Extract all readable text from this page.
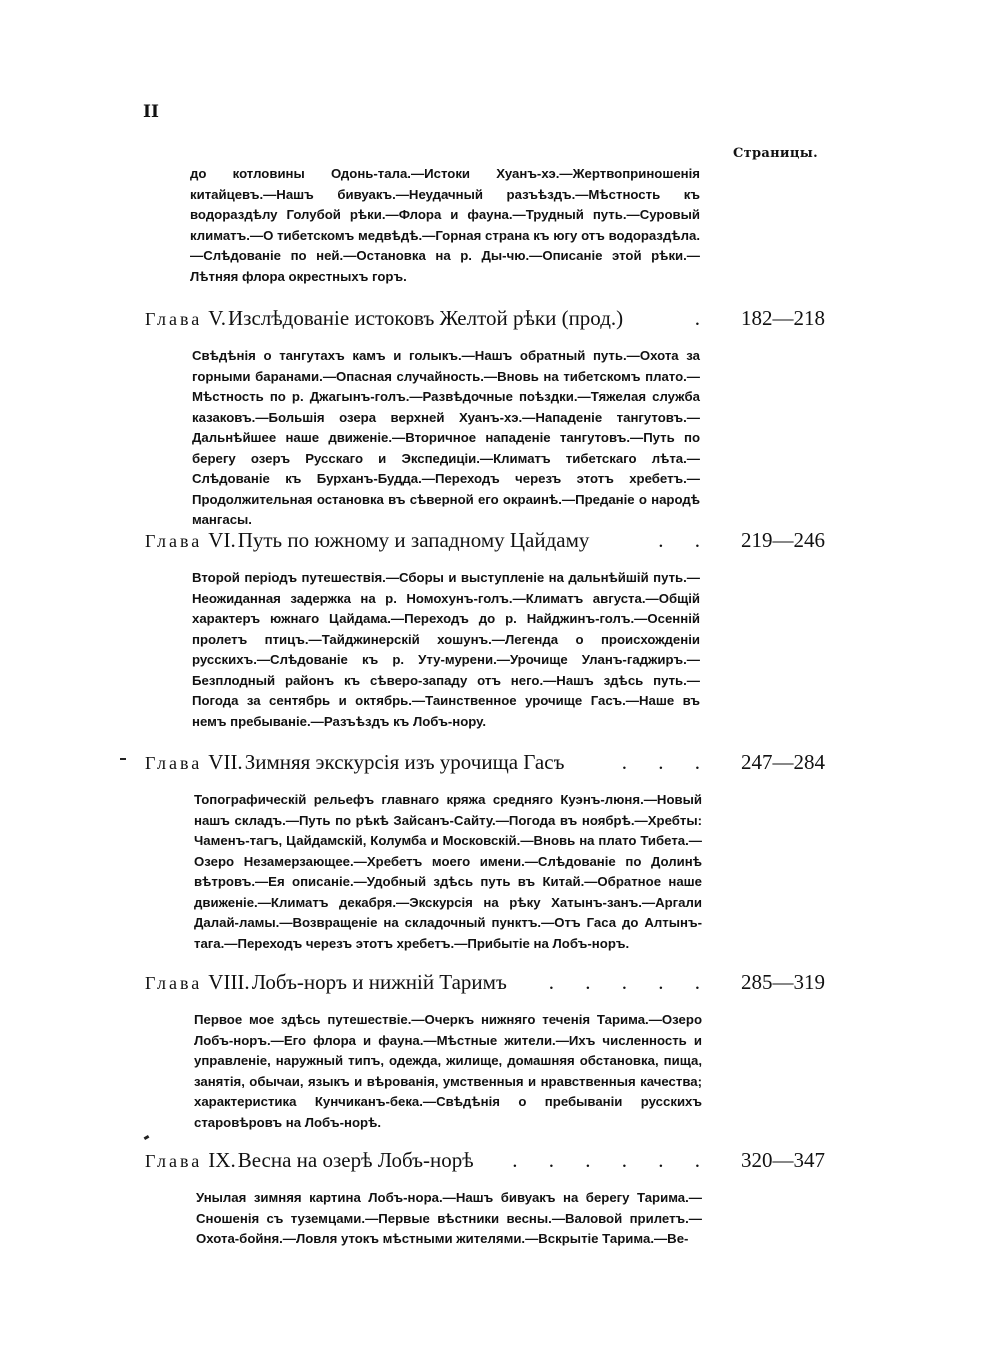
II
Страницы.

до котловины Одонь-тала.—Истоки Хуанъ-хэ.—Жертвоприношенія китайцевъ.—Нашъ бивуакъ.—Неудачный разъѣздъ.—Мѣстность къ водораздѣлу Голубой рѣки.—Флора и фауна.—Трудный путь.—Суровый климатъ.—О тибетскомъ медвѣдѣ.—Горная страна къ югу отъ водораздѣла.—Слѣдованіе по ней.—Остановка на р. Ды-чю.—Описаніе этой рѣки.—Лѣтняя флора окрестныхъ горъ.

Глава V. Изслѣдованіе истоковъ Желтой рѣки (прод.)	.	182—218

Свѣдѣнія о тангутахъ камъ и голыкъ.—Нашъ обратный путь.—Охота за горными баранами.—Опасная случайность.—Вновь на тибетскомъ плато.—Мѣстность по р. Джагынъ-голъ.—Развѣдочные поѣздки.—Тяжелая служба казаковъ.—Большія озера верхней Хуанъ-хэ.—Нападеніе тангутовъ.—Дальнѣйшее наше движеніе.—Вторичное нападеніе тангутовъ.—Путь по берегу озеръ Русскаго и Экспедиціи.—Климатъ тибетскаго лѣта.—Слѣдованіе къ Бурханъ-Будда.—Переходъ черезъ этотъ хребетъ.—Продолжительная остановка въ сѣверной его окраинѣ.—Преданіе о народѣ мангасы.

Глава VI. Путь по южному и западному Цайдаму	. .	219—246

Второй періодъ путешествія.—Сборы и выступленіе на дальнѣйшій путь.—Неожиданная задержка на р. Номохунъ-голъ.—Климатъ августа.—Общій характеръ южнаго Цайдама.—Переходъ до р. Найджинъ-голъ.—Осенній пролетъ птицъ.—Тайджинерскій хошунъ.—Легенда о происхожденіи русскихъ.—Слѣдованіе къ р. Уту-мурени.—Урочище Уланъ-гаджиръ.—Безплодный районъ къ сѣверо-западу отъ него.—Нашъ здѣсь путь.—Погода за сентябрь и октябрь.—Таинственное урочище Гасъ.—Наше въ немъ пребываніе.—Разъѣздъ къ Лобъ-нору.

Глава VII. Зимняя экскурсія изъ урочища Гасъ	. . .	247—284

Топографическій рельефъ главнаго кряжа средняго Куэнъ-люня.—Новый нашъ складъ.—Путь по рѣкѣ Зайсанъ-Сайту.—Погода въ ноябрѣ.—Хребты: Чаменъ-тагъ, Цайдамскій, Колумба и Московскій.—Вновь на плато Тибета.—Озеро Незамерзающее.—Хребетъ моего имени.—Слѣдованіе по Долинѣ вѣтровъ.—Ея описаніе.—Удобный здѣсь путь въ Китай.—Обратное наше движеніе.—Климатъ декабря.—Экскурсія на рѣку Хатынъ-занъ.—Аргали Далай-ламы.—Возвращеніе на складочный пунктъ.—Отъ Гаса до Алтынъ-тага.—Переходъ черезъ этотъ хребетъ.—Прибытіе на Лобъ-норъ.

Глава VIII. Лобъ-норъ и нижній Таримъ	. . . . .	285—319

Первое мое здѣсь путешествіе.—Очеркъ нижняго теченія Тарима.—Озеро Лобъ-норъ.—Его флора и фауна.—Мѣстные жители.—Ихъ численность и управленіе, наружный типъ, одежда, жилище, домашняя обстановка, пища, занятія, обычаи, языкъ и вѣрованія, умственныя и нравственныя качества; характеристика Кунчиканъ-бека.—Свѣдѣнія о пребываніи русскихъ старовѣровъ на Лобъ-норѣ.

Глава IX. Весна на озерѣ Лобъ-норѣ	. . . . . .	320—347

Унылая зимняя картина Лобъ-нора.—Нашъ бивуакъ на берегу Тарима.—Сношенія съ туземцами.—Первые вѣстники весны.—Валовой прилетъ.—Охота-бойня.—Ловля утокъ мѣстными жителями.—Вскрытіе Тарима.—Ве-
